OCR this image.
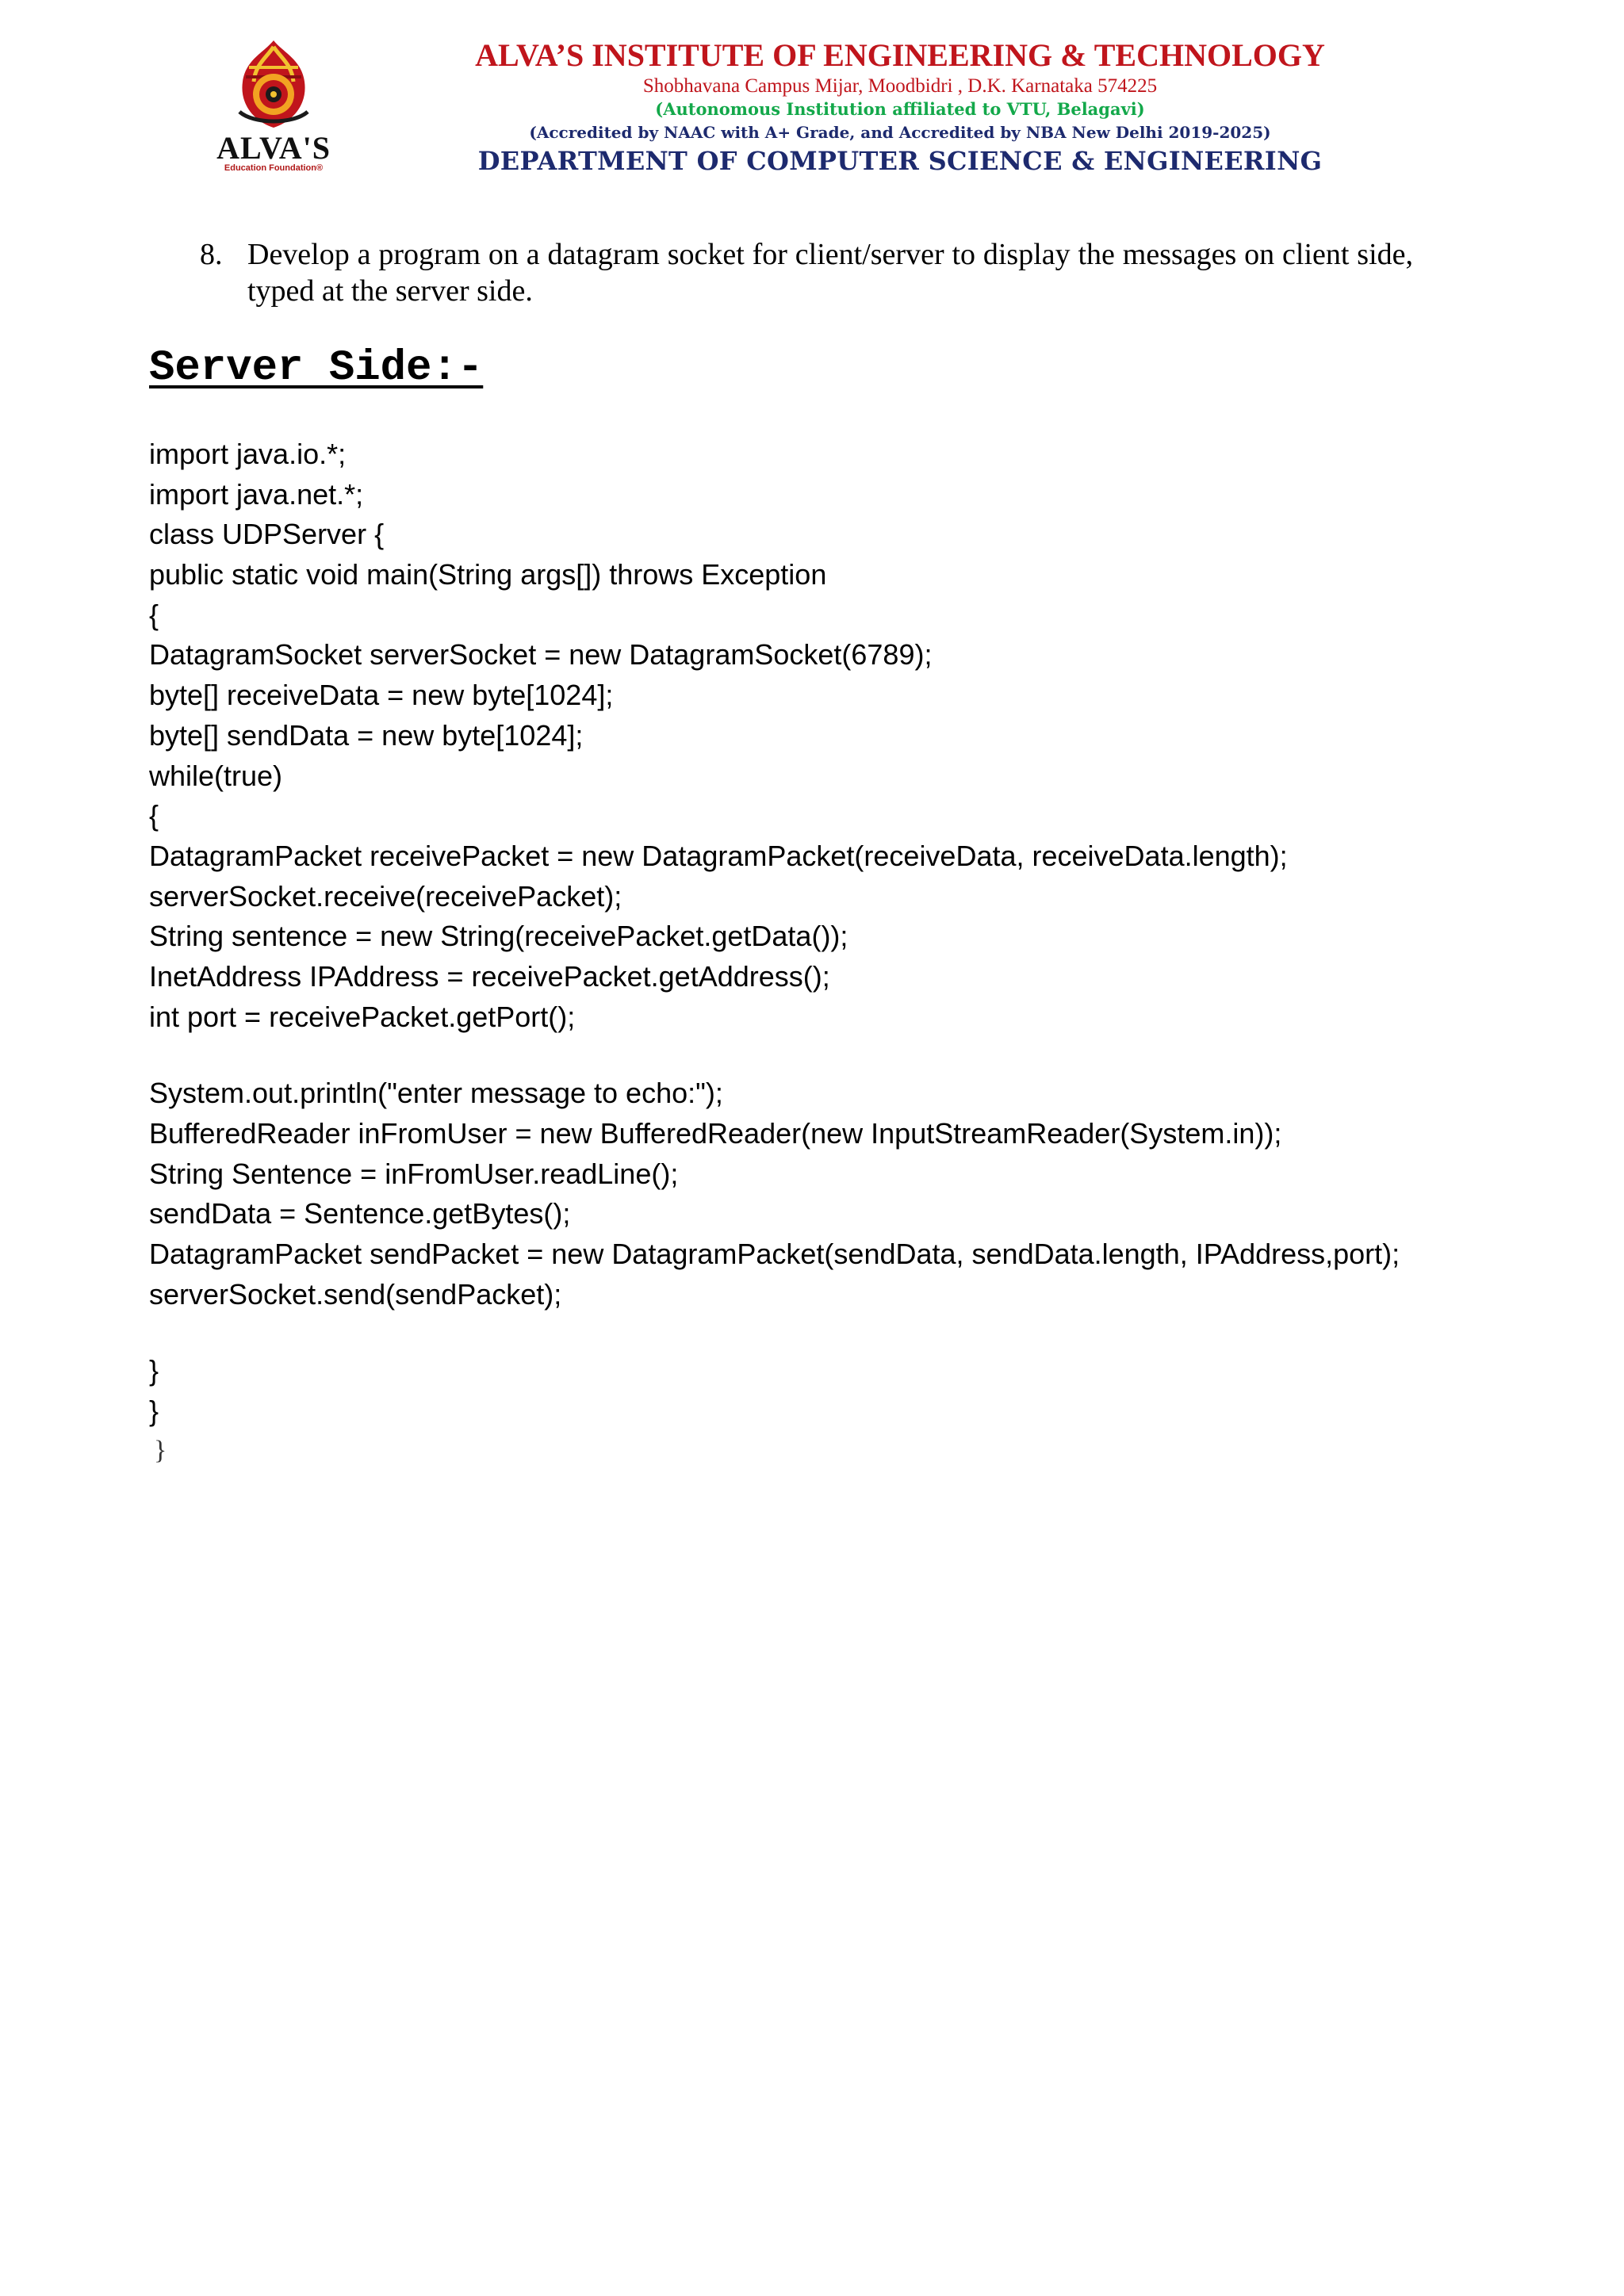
ALVA'S
Education Foundation®
ALVA’S INSTITUTE OF ENGINEERING & TECHNOLOGY
Shobhavana Campus Mijar, Moodbidri , D.K. Karnataka 574225
(Autonomous Institution affiliated to VTU, Belagavi)
(Accredited by NAAC with A+ Grade, and Accredited by NBA New Delhi 2019-2025)
DEPARTMENT OF COMPUTER SCIENCE & ENGINEERING
8. Develop a program on a datagram socket for client/server to display the messages on client side, typed at the server side.
Server Side:-
import java.io.*;
import java.net.*;
class UDPServer {
public static void main(String args[]) throws Exception
{
DatagramSocket serverSocket = new DatagramSocket(6789);
byte[] receiveData = new byte[1024];
byte[] sendData = new byte[1024];
while(true)
{
DatagramPacket receivePacket = new DatagramPacket(receiveData, receiveData.length);
serverSocket.receive(receivePacket);
String sentence = new String(receivePacket.getData());
InetAddress IPAddress = receivePacket.getAddress();
int port = receivePacket.getPort();
System.out.println("enter message to echo:");
BufferedReader inFromUser = new BufferedReader(new InputStreamReader(System.in));
String Sentence = inFromUser.readLine();
sendData = Sentence.getBytes();
DatagramPacket sendPacket = new DatagramPacket(sendData, sendData.length, IPAddress,port);
serverSocket.send(sendPacket);
}
}
}
